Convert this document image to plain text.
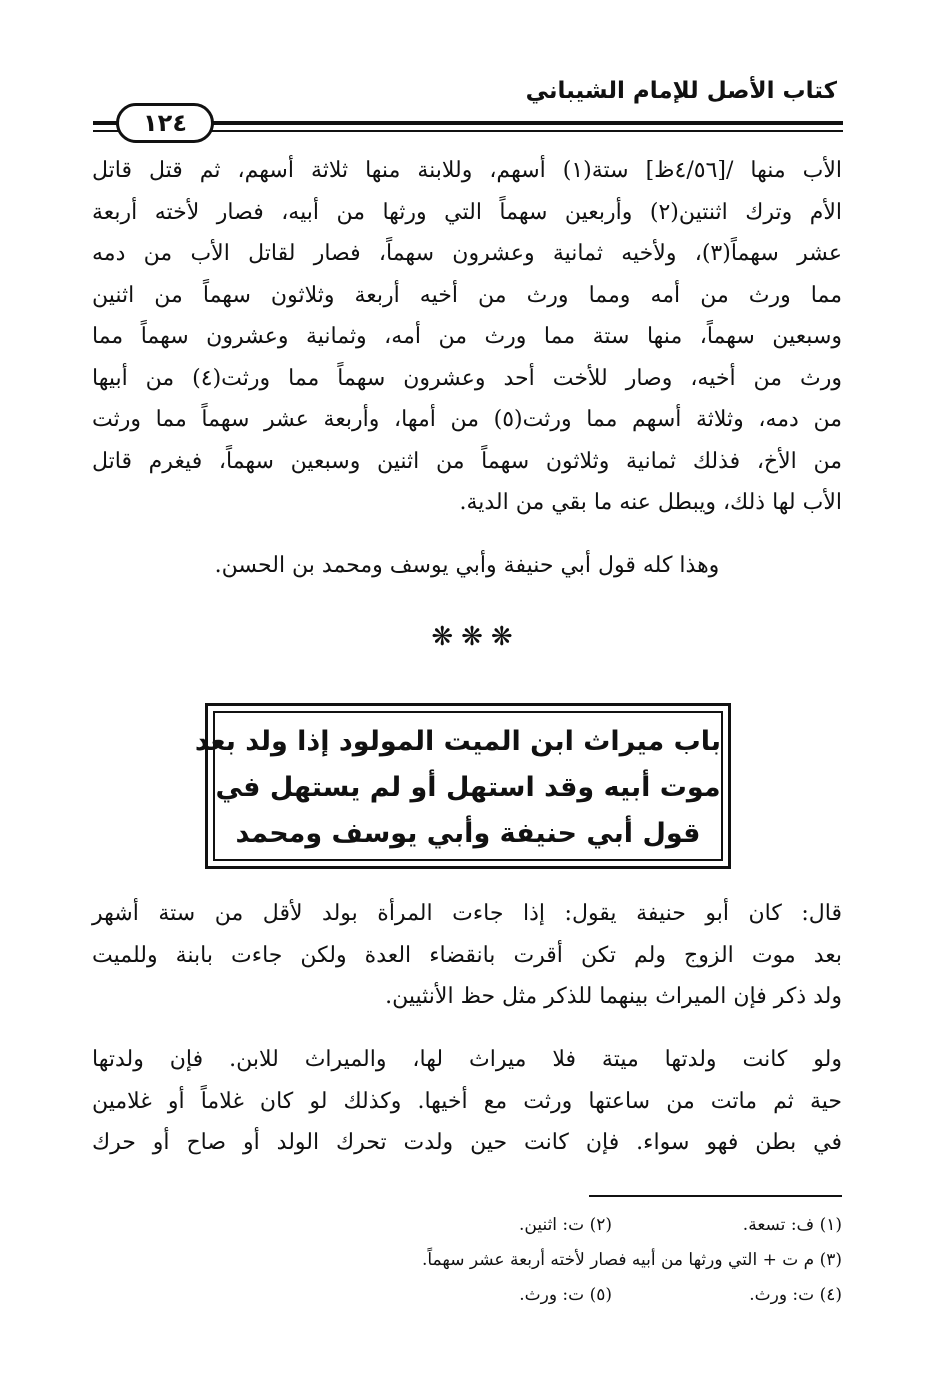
كتاب الأصل للإمام الشيباني
١٢٤
الأب منها /[٤/٥٦ظ] ستة(١) أسهم، وللابنة منها ثلاثة أسهم، ثم قتل قاتل
الأم وترك اثنتين(٢) وأربعين سهماً التي ورثها من أبيه، فصار لأخته أربعة
عشر سهماً(٣)، ولأخيه ثمانية وعشرون سهماً، فصار لقاتل الأب من دمه
مما ورث من أمه ومما ورث من أخيه أربعة وثلاثون سهماً من اثنين
وسبعين سهماً، منها ستة مما ورث من أمه، وثمانية وعشرون سهماً مما
ورث من أخيه، وصار للأخت أحد وعشرون سهماً مما ورثت(٤) من أبيها
من دمه، وثلاثة أسهم مما ورثت(٥) من أمها، وأربعة عشر سهماً مما ورثت
من الأخ، فذلك ثمانية وثلاثون سهماً من اثنين وسبعين سهماً، فيغرم قاتل
الأب لها ذلك، ويبطل عنه ما بقي من الدية.
وهذا كله قول أبي حنيفة وأبي يوسف ومحمد بن الحسن.
❋❋❋
باب ميراث ابن الميت المولود إذا ولد بعد
موت أبيه وقد استهل أو لم يستهل في
قول أبي حنيفة وأبي يوسف ومحمد
قال: كان أبو حنيفة يقول: إذا جاءت المرأة بولد لأقل من ستة أشهر
بعد موت الزوج ولم تكن أقرت بانقضاء العدة ولكن جاءت بابنة وللميت
ولد ذكر فإن الميراث بينهما للذكر مثل حظ الأنثيين.
ولو كانت ولدتها ميتة فلا ميراث لها، والميراث للابن. فإن ولدتها
حية ثم ماتت من ساعتها ورثت مع أخيها. وكذلك لو كان غلاماً أو غلامين
في بطن فهو سواء. فإن كانت حين ولدت تحرك الولد أو صاح أو حرك
(١) ف: تسعة.
(٢) ت: اثنين.
(٣) م ت + التي ورثها من أبيه فصار لأخته أربعة عشر سهماً.
(٤) ت: ورث.
(٥) ت: ورث.
